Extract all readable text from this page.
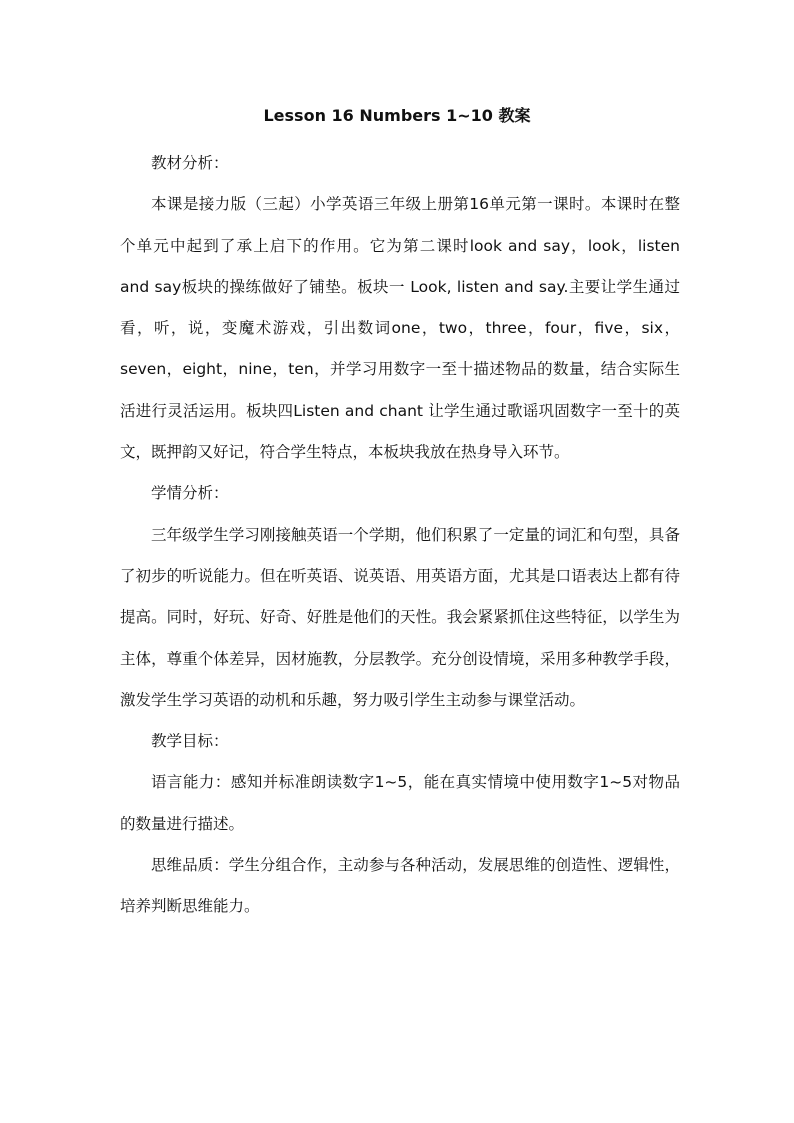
Lesson 16 Numbers 1~10 教案

教材分析：

本课是接力版（三起）小学英语三年级上册第16单元第一课时。本课时在整个单元中起到了承上启下的作用。它为第二课时look and say，look，listen and say板块的操练做好了铺垫。板块一 Look, listen and say.主要让学生通过看，听，说，变魔术游戏，引出数词one，two，three，four，five，six，seven，eight，nine，ten，并学习用数字一至十描述物品的数量，结合实际生活进行灵活运用。板块四Listen and chant 让学生通过歌谣巩固数字一至十的英文，既押韵又好记，符合学生特点，本板块我放在热身导入环节。

学情分析：

三年级学生学习刚接触英语一个学期，他们积累了一定量的词汇和句型，具备了初步的听说能力。但在听英语、说英语、用英语方面，尤其是口语表达上都有待提高。同时，好玩、好奇、好胜是他们的天性。我会紧紧抓住这些特征，以学生为主体，尊重个体差异，因材施教，分层教学。充分创设情境，采用多种教学手段，激发学生学习英语的动机和乐趣，努力吸引学生主动参与课堂活动。

教学目标：

语言能力：感知并标准朗读数字1~5，能在真实情境中使用数字1~5对物品的数量进行描述。

思维品质：学生分组合作，主动参与各种活动，发展思维的创造性、逻辑性，培养判断思维能力。
